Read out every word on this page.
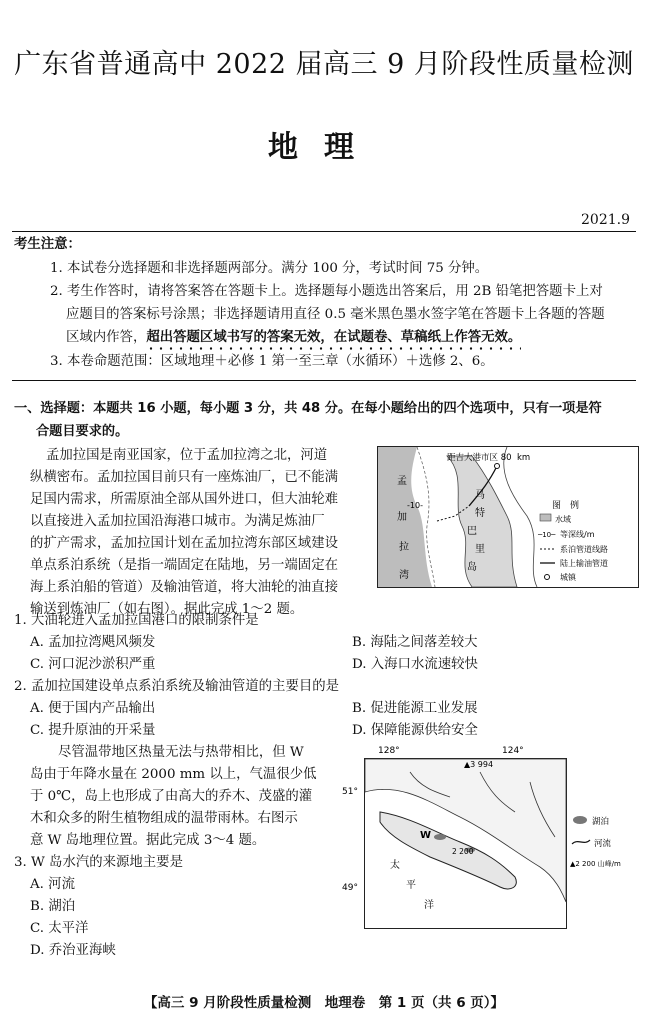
广东省普通高中 2022 届高三 9 月阶段性质量检测
地理
2021.9
考生注意：
1. 本试卷分选择题和非选择题两部分。满分 100 分，考试时间 75 分钟。
2. 考生作答时，请将答案答在答题卡上。选择题每小题选出答案后，用 2B 铅笔把答题卡上对
应题目的答案标号涂黑；非选择题请用直径 0.5 毫米黑色墨水签字笔在答题卡上各题的答题
区域内作答，超出答题区域书写的答案无效，在试题卷、草稿纸上作答无效。
3. 本卷命题范围：区域地理＋必修 1 第一至三章（水循环）＋选修 2、6。
一、选择题：本题共 16 小题，每小题 3 分，共 48 分。在每小题给出的四个选项中，只有一项是符
合题目要求的。
孟加拉国是南亚国家，位于孟加拉湾之北，河道
纵横密布。孟加拉国目前只有一座炼油厂，已不能满
足国内需求，所需原油全部从国外进口，但大油轮难
以直接进入孟加拉国沿海港口城市。为满足炼油厂
的扩产需求，孟加拉国计划在孟加拉湾东部区域建设
单点系泊系统（是指一端固定在陆地，另一端固定在
海上系泊船的管道）及输油管道，将大油轮的油直接
输送到炼油厂（如右图）。据此完成 1～2 题。
距吉大港市区 80 km
孟
加
拉
湾
-10-
马
特
巴
里
岛
图　例
水域
─10─ 等深线/m
系泊管道线路
陆上输油管道
城镇
1. 大油轮进入孟加拉国港口的限制条件是
A. 孟加拉湾飓风频发	B. 海陆之间落差较大
C. 河口泥沙淤积严重	D. 入海口水流速较快
2. 孟加拉国建设单点系泊系统及输油管道的主要目的是
A. 便于国内产品输出	B. 促进能源工业发展
C. 提升原油的开采量	D. 保障能源供给安全
尽管温带地区热量无法与热带相比，但 W
岛由于年降水量在 2000 mm 以上，气温很少低
于 0℃，岛上也形成了由高大的乔木、茂盛的灌
木和众多的附生植物组成的温带雨林。右图示
意 W 岛地理位置。据此完成 3～4 题。
128°	124°
51°
49°
▲3 994
2 200
W
太
平
洋
湖泊
河流
▲2 200 山峰/m
3. W 岛水汽的来源地主要是
A. 河流
B. 湖泊
C. 太平洋
D. 乔治亚海峡
【高三 9 月阶段性质量检测　地理卷　第 1 页（共 6 页）】
